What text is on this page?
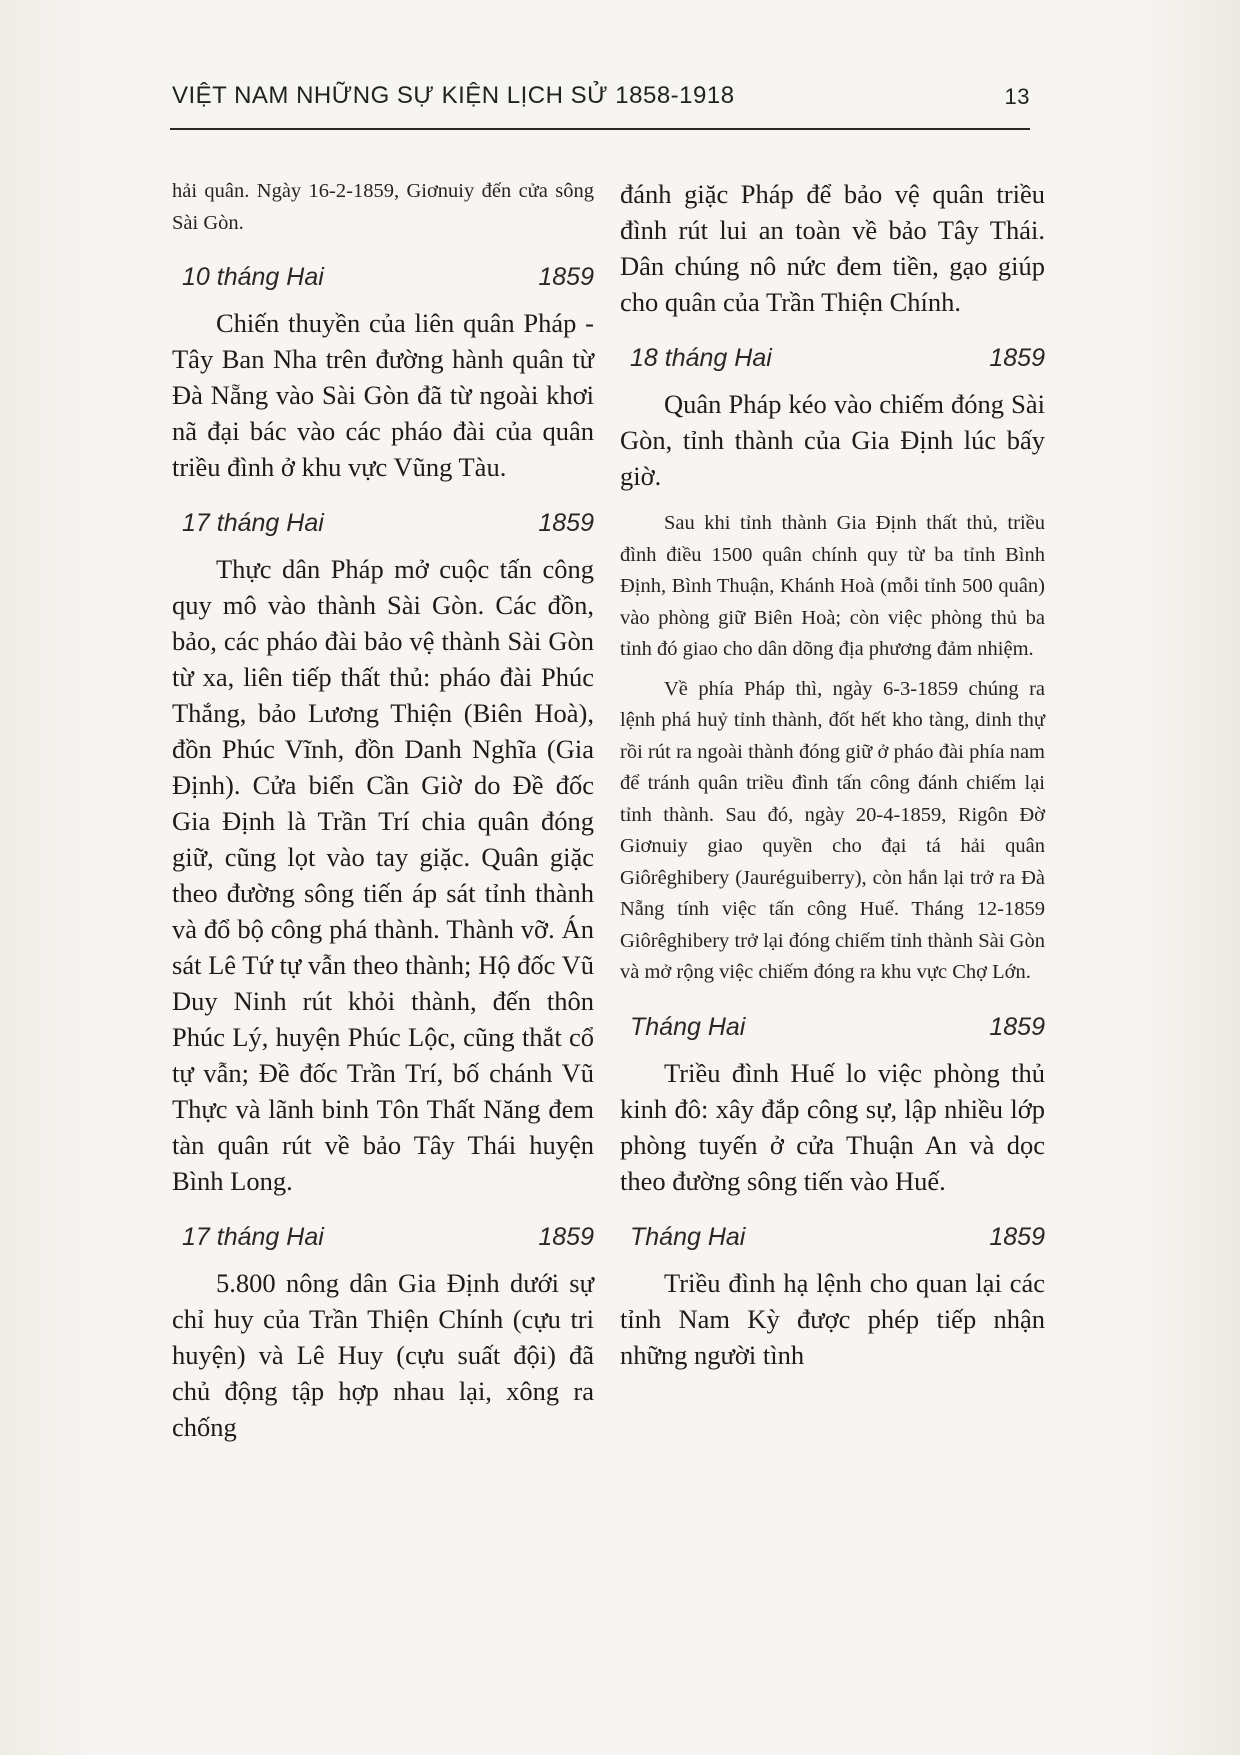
VIỆT NAM NHỮNG SỰ KIỆN LỊCH SỬ 1858-1918	13

hải quân. Ngày 16-2-1859, Giơnuiy đến cửa sông Sài Gòn.

10 tháng Hai	1859

Chiến thuyền của liên quân Pháp - Tây Ban Nha trên đường hành quân từ Đà Nẵng vào Sài Gòn đã từ ngoài khơi nã đại bác vào các pháo đài của quân triều đình ở khu vực Vũng Tàu.

17 tháng Hai	1859

Thực dân Pháp mở cuộc tấn công quy mô vào thành Sài Gòn. Các đồn, bảo, các pháo đài bảo vệ thành Sài Gòn từ xa, liên tiếp thất thủ: pháo đài Phúc Thắng, bảo Lương Thiện (Biên Hoà), đồn Phúc Vĩnh, đồn Danh Nghĩa (Gia Định). Cửa biển Cần Giờ do Đề đốc Gia Định là Trần Trí chia quân đóng giữ, cũng lọt vào tay giặc. Quân giặc theo đường sông tiến áp sát tỉnh thành và đổ bộ công phá thành. Thành vỡ. Án sát Lê Tứ tự vẫn theo thành; Hộ đốc Vũ Duy Ninh rút khỏi thành, đến thôn Phúc Lý, huyện Phúc Lộc, cũng thắt cổ tự vẫn; Đề đốc Trần Trí, bố chánh Vũ Thực và lãnh binh Tôn Thất Năng đem tàn quân rút về bảo Tây Thái huyện Bình Long.

17 tháng Hai	1859

5.800 nông dân Gia Định dưới sự chỉ huy của Trần Thiện Chính (cựu tri huyện) và Lê Huy (cựu suất đội) đã chủ động tập hợp nhau lại, xông ra chống

đánh giặc Pháp để bảo vệ quân triều đình rút lui an toàn về bảo Tây Thái. Dân chúng nô nức đem tiền, gạo giúp cho quân của Trần Thiện Chính.

18 tháng Hai	1859

Quân Pháp kéo vào chiếm đóng Sài Gòn, tỉnh thành của Gia Định lúc bấy giờ.

Sau khi tỉnh thành Gia Định thất thủ, triều đình điều 1500 quân chính quy từ ba tỉnh Bình Định, Bình Thuận, Khánh Hoà (mỗi tỉnh 500 quân) vào phòng giữ Biên Hoà; còn việc phòng thủ ba tỉnh đó giao cho dân dõng địa phương đảm nhiệm.

Về phía Pháp thì, ngày 6-3-1859 chúng ra lệnh phá huỷ tỉnh thành, đốt hết kho tàng, dinh thự rồi rút ra ngoài thành đóng giữ ở pháo đài phía nam để tránh quân triều đình tấn công đánh chiếm lại tỉnh thành. Sau đó, ngày 20-4-1859, Rigôn Đờ Giơnuiy giao quyền cho đại tá hải quân Giôrêghibery (Jauréguiberry), còn hắn lại trở ra Đà Nẵng tính việc tấn công Huế. Tháng 12-1859 Giôrêghibery trở lại đóng chiếm tỉnh thành Sài Gòn và mở rộng việc chiếm đóng ra khu vực Chợ Lớn.

Tháng Hai	1859

Triều đình Huế lo việc phòng thủ kinh đô: xây đắp công sự, lập nhiều lớp phòng tuyến ở cửa Thuận An và dọc theo đường sông tiến vào Huế.

Tháng Hai	1859

Triều đình hạ lệnh cho quan lại các tỉnh Nam Kỳ được phép tiếp nhận những người tình
